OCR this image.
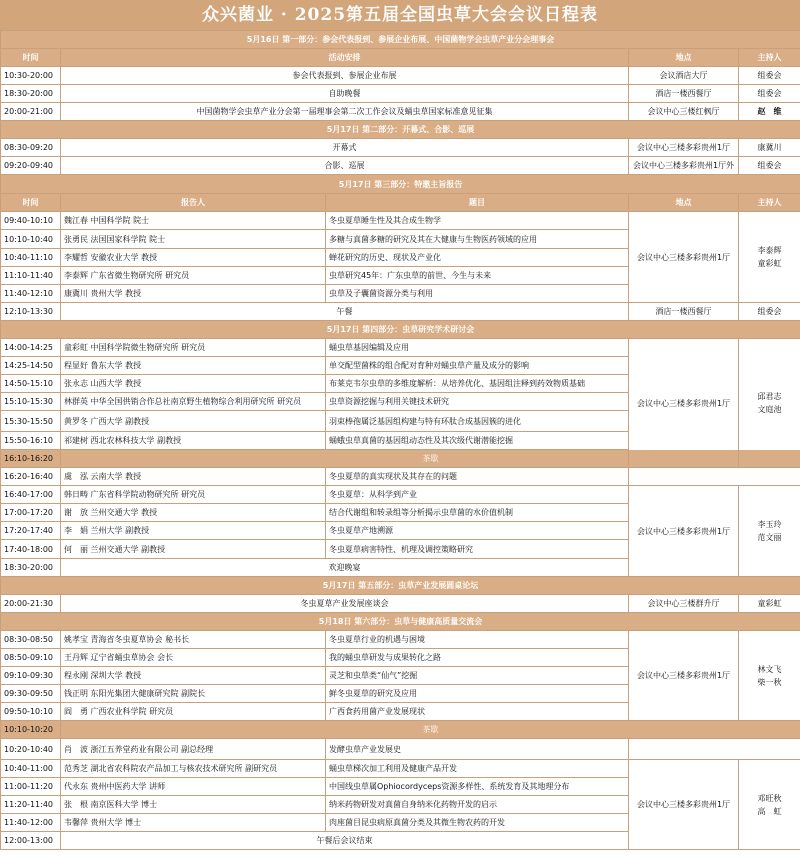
众兴菌业 · 2025第五届全国虫草大会会议日程表
5月16日 第一部分：参会代表报到、参展企业布展、中国菌物学会虫草产业分会理事会					
时间	活动安排		地点	主持人	
10:30-20:00	参会代表报到、参展企业布展		会议酒店大厅	组委会	
18:30-20:00	自助晚餐		酒店一楼西餐厅	组委会	
20:00-21:00	中国菌物学会虫草产业分会第一届理事会第二次工作会议及蛹虫草国家标准意见征集		会议中心三楼红枫厅	赵　维	
5月17日 第二部分：开幕式、合影、巡展					
08:30-09:20	开幕式		会议中心三楼多彩贵州1厅	康冀川	
09:20-09:40	合影、巡展		会议中心三楼多彩贵州1厅外	组委会	
5月17日 第三部分：特邀主旨报告					
时间	报告人	题目	地点	主持人	
09:40-10:10	魏江春 中国科学院 院士	冬虫夏草睡生性及其合成生物学	会议中心三楼多彩贵州1厅	李泰辉
童彩虹	
10:10-10:40	张勇民 法国国家科学院 院士	多糖与真菌多糖的研究及其在大健康与生物医药领域的应用			
10:40-11:10	李耀哲 安徽农业大学 教授	蝉花研究的历史、现状及产业化			
11:10-11:40	李泰辉 广东省微生物研究所 研究员	虫草研究45年：广东虫草的前世、今生与未来			
11:40-12:10	康冀川 贵州大学 教授	虫草及子囊菌资源分类与利用			
12:10-13:30	午餐		酒店一楼西餐厅	组委会	
5月17日 第四部分：虫草研究学术研讨会					
14:00-14:25	童彩虹 中国科学院微生物研究所 研究员	蛹虫草基因编辑及应用	会议中心三楼多彩贵州1厅	邱君志
文庭池	
14:25-14:50	程显好 鲁东大学 教授	单交配型菌株的组合配对育种对蛹虫草产量及成分的影响			
14:50-15:10	张永志 山西大学 教授	布莱克韦尔虫草的多维度解析：从培养优化、基因组注释到药效物质基础			
15:10-15:30	林群英 中华全国供销合作总社南京野生植物综合利用研究所 研究员	虫草资源挖掘与利用关键技术研究			
15:30-15:50	黄罗冬 广西大学 副教授	羽束棒孢属泛基因组构建与特有环肽合成基因簇的进化			
15:50-16:10	祁建树 西北农林科技大学 副教授	蛹蛾虫草真菌的基因组动态性及其次级代谢潜能挖掘			
16:10-16:20	茶歇				
16:20-16:40	虞　泓 云南大学 教授	冬虫夏草的真实现状及其存在的问题			
16:40-17:00	韩日畴 广东省科学院动物研究所 研究员	冬虫夏草：从科学到产业	会议中心三楼多彩贵州1厅	李玉玲
范文丽	
17:00-17:20	谢　放 兰州交通大学 教授	结合代谢组和转录组等分析揭示虫草菌的水价值机制			
17:20-17:40	李　娟 兰州大学 副教授	冬虫夏草产地溯源			
17:40-18:00	何　丽 兰州交通大学 副教授	冬虫夏草病害特性、机理及调控策略研究			
18:30-20:00	欢迎晚宴		
5月17日 第五部分：虫草产业发展圆桌论坛					
20:00-21:30	冬虫夏草产业发展座谈会		会议中心三楼群升厅	童彩虹	
5月18日 第六部分：虫草与健康高质量交流会					
08:30-08:50	姚孝宝 青海省冬虫夏草协会 秘书长	冬虫夏草行业的机遇与困境	会议中心三楼多彩贵州1厅	林文飞
柴一秋	
08:50-09:10	王丹辉 辽宁省蛹虫草协会 会长	我的蛹虫草研发与成果转化之路			
09:10-09:30	程永刚 深圳大学 教授	灵芝和虫草类“仙气”挖掘			
09:30-09:50	钱正明 东阳光集团大健康研究院 副院长	鲜冬虫夏草的研究及应用			
09:50-10:10	阎　勇 广西农业科学院 研究员	广西食药用菌产业发展现状			
10:10-10:20	茶歇				
10:20-10:40	肖　波 浙江五养堂药业有限公司 副总经理	发酵虫草产业发展史			
10:40-11:00	范秀芝 湖北省农科院农产品加工与核农技术研究所 副研究员	蛹虫草梯次加工利用及健康产品开发	会议中心三楼多彩贵州1厅	邓旺秋
高　虹	
11:00-11:20	代永东 贵州中医药大学 讲师	中国线虫草属Ophiocordyceps资源多样性、系统发育及其地理分布			
11:20-11:40	张　根 南京医科大学 博士	纳米药物研发对真菌自身纳米化药物开发的启示			
11:40-12:00	韦馨萍 贵州大学 博士	肉座菌目昆虫病原真菌分类及其微生物农药的开发			
12:00-13:00	午餐后会议结束		
